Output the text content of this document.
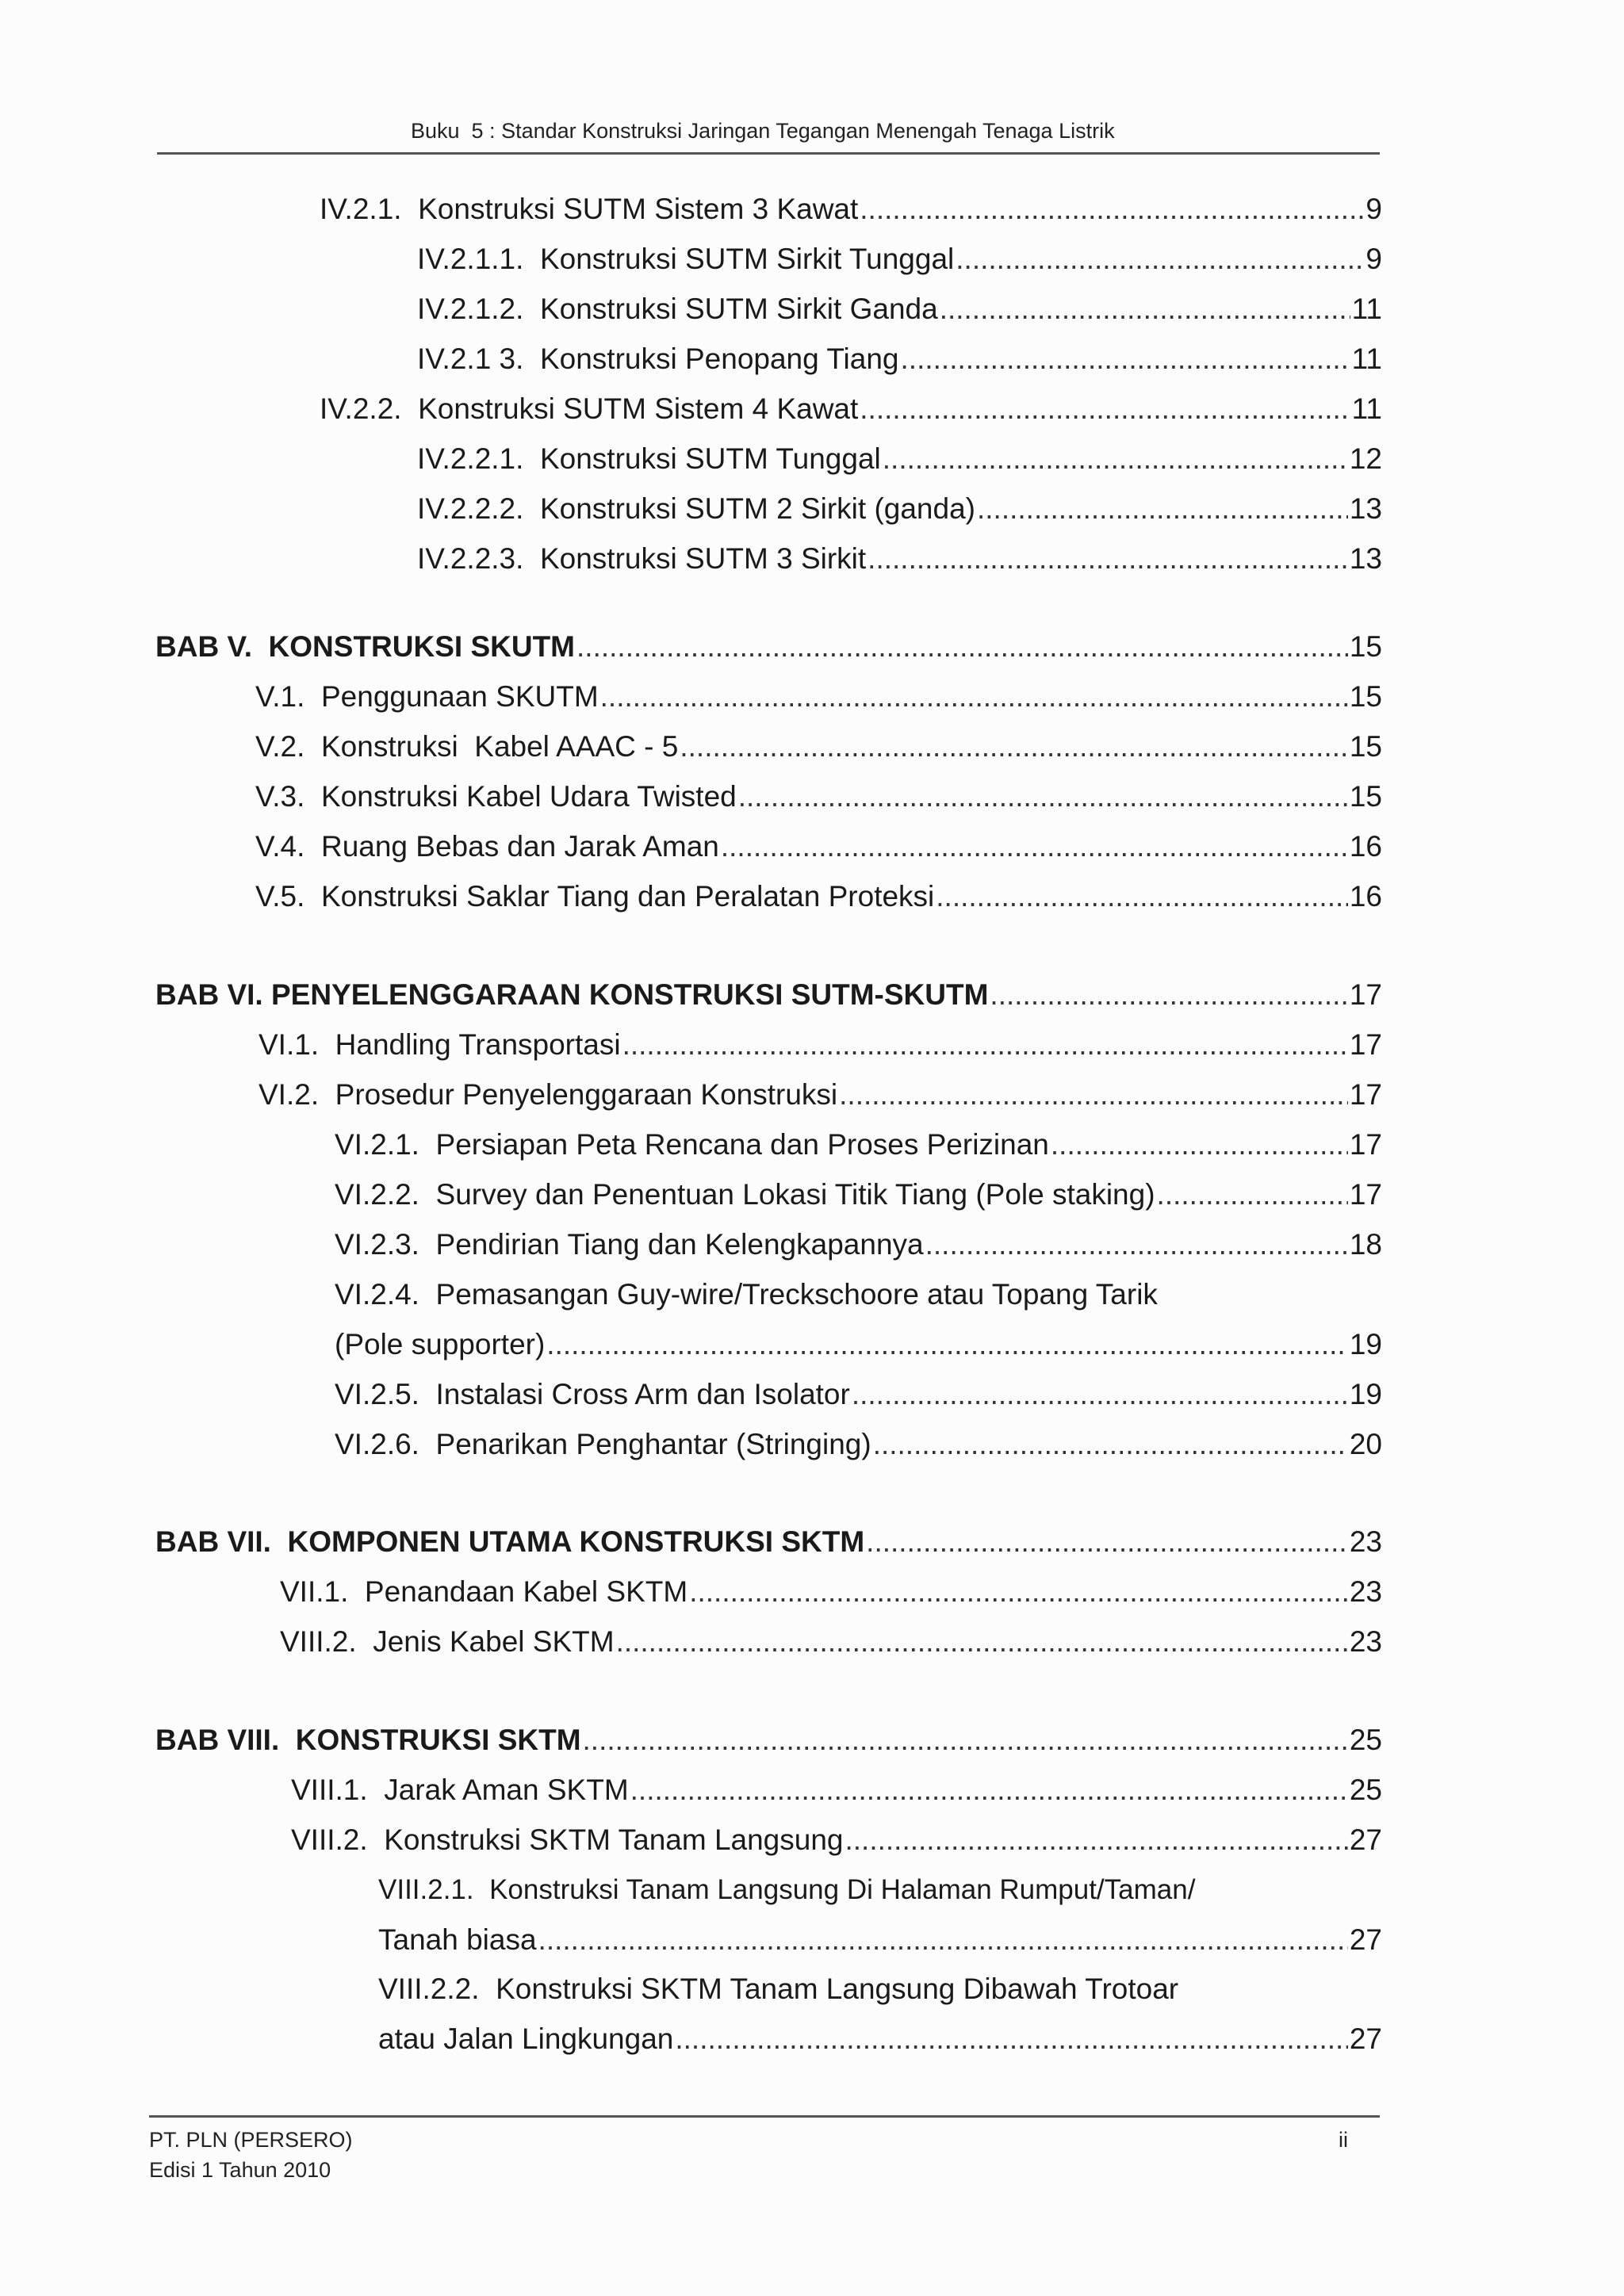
Buku  5 : Standar Konstruksi Jaringan Tegangan Menengah Tenaga Listrik
IV.2.1.  Konstruksi SUTM Sistem 3 Kawat .....	9
IV.2.1.1.  Konstruksi SUTM Sirkit Tunggal .....	9
IV.2.1.2.  Konstruksi SUTM Sirkit Ganda .....	11
IV.2.1 3.  Konstruksi Penopang Tiang .....	11
IV.2.2.  Konstruksi SUTM Sistem 4 Kawat .....	11
IV.2.2.1.  Konstruksi SUTM Tunggal .....	12
IV.2.2.2.  Konstruksi SUTM 2 Sirkit (ganda) .....	13
IV.2.2.3.  Konstruksi SUTM 3 Sirkit .....	13
BAB V.  KONSTRUKSI SKUTM .....	15
V.1.  Penggunaan SKUTM .....	15
V.2.  Konstruksi  Kabel AAAC - 5 .....	15
V.3.  Konstruksi Kabel Udara Twisted .....	15
V.4.  Ruang Bebas dan Jarak Aman .....	16
V.5.  Konstruksi Saklar Tiang dan Peralatan Proteksi .....	16
BAB VI. PENYELENGGARAAN KONSTRUKSI SUTM-SKUTM .....	17
VI.1.  Handling Transportasi .....	17
VI.2.  Prosedur Penyelenggaraan Konstruksi .....	17
VI.2.1.  Persiapan Peta Rencana dan Proses Perizinan .....	17
VI.2.2.  Survey dan Penentuan Lokasi Titik Tiang (Pole staking) .....	17
VI.2.3.  Pendirian Tiang dan Kelengkapannya .....	18
VI.2.4.  Pemasangan Guy-wire/Treckschoore atau Topang Tarik
(Pole supporter) .....	19
VI.2.5.  Instalasi Cross Arm dan Isolator .....	19
VI.2.6.  Penarikan Penghantar (Stringing) .....	20
BAB VII.  KOMPONEN UTAMA KONSTRUKSI SKTM .....	23
VII.1.  Penandaan Kabel SKTM .....	23
VIII.2.  Jenis Kabel SKTM .....	23
BAB VIII.  KONSTRUKSI SKTM .....	25
VIII.1.  Jarak Aman SKTM .....	25
VIII.2.  Konstruksi SKTM Tanam Langsung .....	27
VIII.2.1.  Konstruksi Tanam Langsung Di Halaman Rumput/Taman/
Tanah biasa .....	27
VIII.2.2.  Konstruksi SKTM Tanam Langsung Dibawah Trotoar
atau Jalan Lingkungan .....	27
PT. PLN (PERSERO)
Edisi 1 Tahun 2010
ii
